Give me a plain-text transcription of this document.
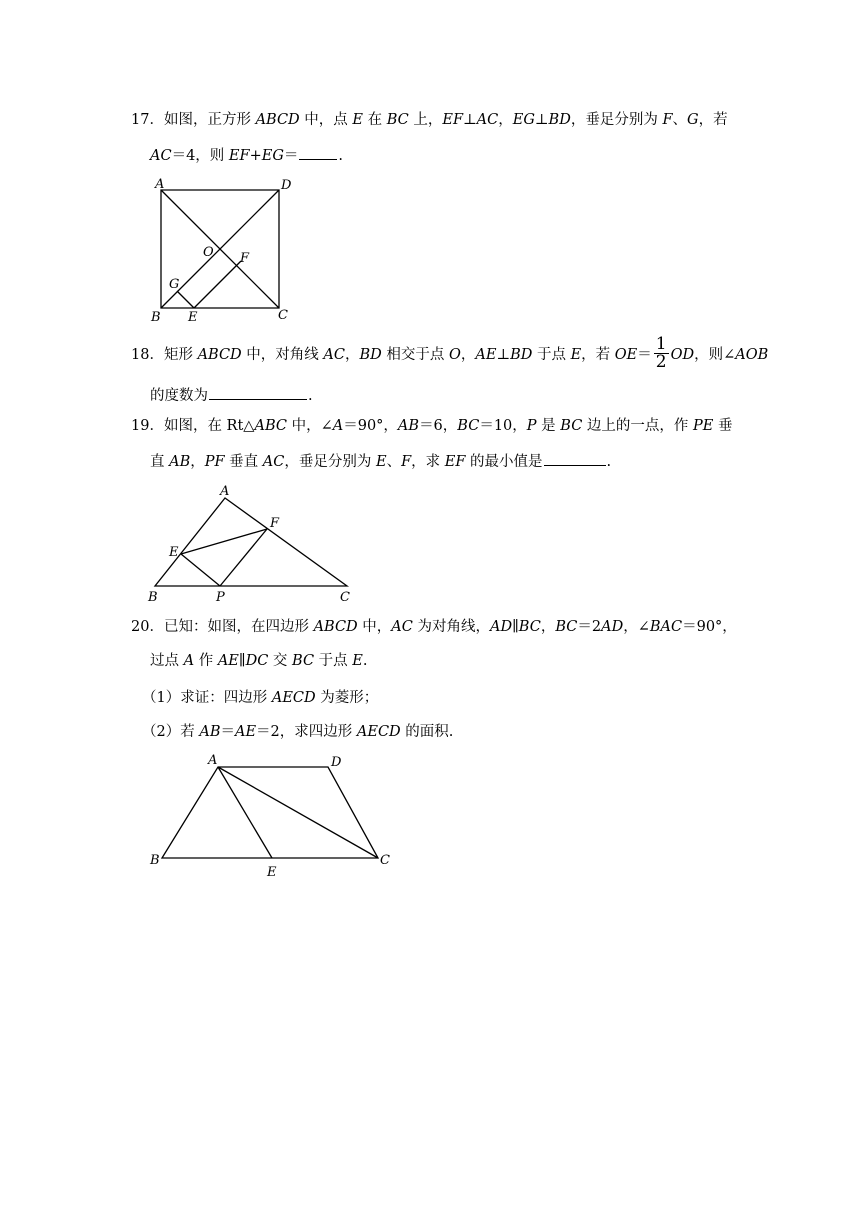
17．如图，正方形 ABCD 中，点 E 在 BC 上，EF⊥AC，EG⊥BD，垂足分别为 F、G，若
AC＝4，则 EF+EG＝	.
A	D
O F
G
B E	C
18．矩形 ABCD 中，对角线 AC，BD 相交于点 O，AE⊥BD 于点 E，若 $OE= \frac{1}{2}$ OD，则∠AOB
的度数为	.
19．如图，在 Rt△ABC 中，∠A＝90°，AB＝6，BC＝10，P 是 BC 边上的一点，作 PE 垂
直 AB，PF 垂直 AC，垂足分别为 E、F，求 EF 的最小值是	.
A
F
E
B	P	C
20．已知：如图，在四边形 ABCD 中，AC 为对角线，AD∥BC，BC＝2AD，∠BAC＝90°，
过点 A 作 AE∥DC 交 BC 于点 E.
（1）求证：四边形 AECD 为菱形；
（2）若 AB＝AE＝2，求四边形 AECD 的面积.
A	D
B
E
C
